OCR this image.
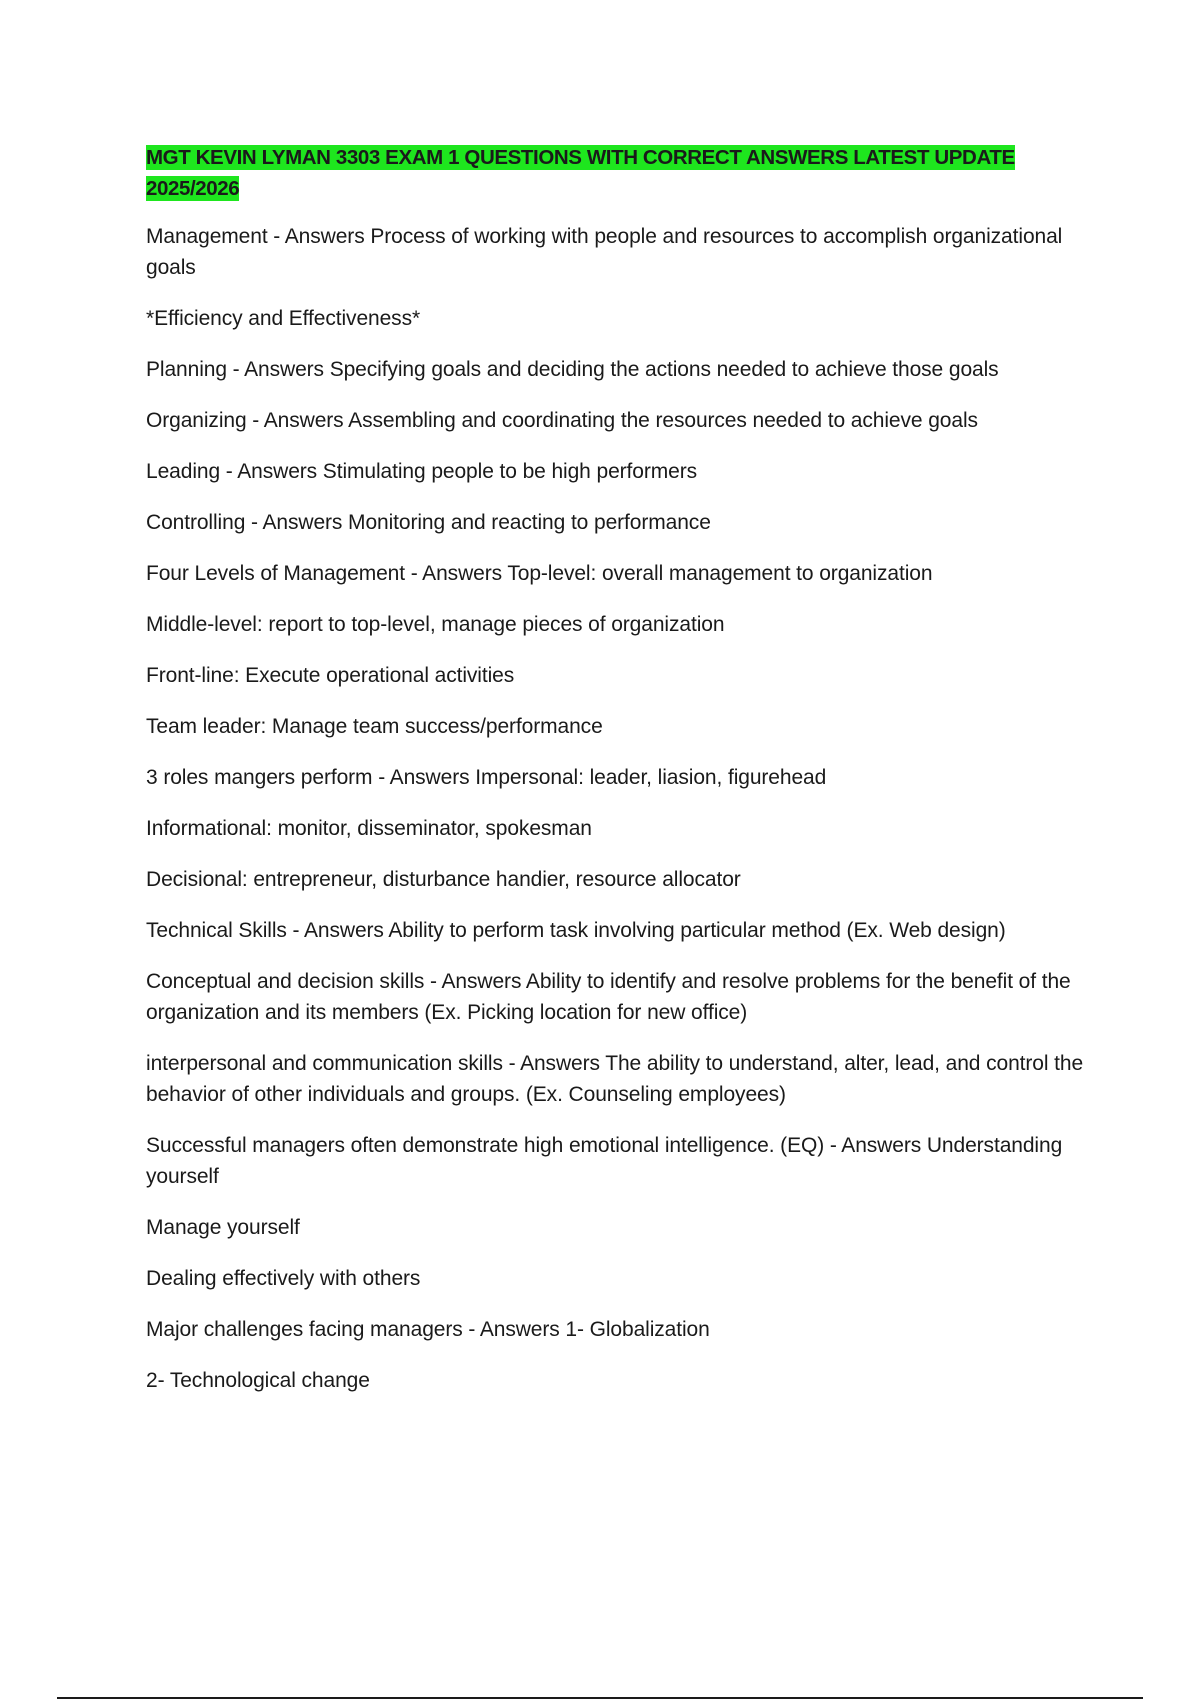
MGT KEVIN LYMAN 3303 EXAM 1 QUESTIONS WITH CORRECT ANSWERS LATEST UPDATE 2025/2026

Management - Answers Process of working with people and resources to accomplish organizational goals

*Efficiency and Effectiveness*

Planning - Answers Specifying goals and deciding the actions needed to achieve those goals

Organizing - Answers Assembling and coordinating the resources needed to achieve goals

Leading - Answers Stimulating people to be high performers

Controlling - Answers Monitoring and reacting to performance

Four Levels of Management - Answers Top-level: overall management to organization

Middle-level: report to top-level, manage pieces of organization

Front-line: Execute operational activities

Team leader: Manage team success/performance

3 roles mangers perform - Answers Impersonal: leader, liasion, figurehead

Informational: monitor, disseminator, spokesman

Decisional: entrepreneur, disturbance handier, resource allocator

Technical Skills - Answers Ability to perform task involving particular method (Ex. Web design)

Conceptual and decision skills - Answers Ability to identify and resolve problems for the benefit of the organization and its members (Ex. Picking location for new office)

interpersonal and communication skills - Answers The ability to understand, alter, lead, and control the behavior of other individuals and groups. (Ex. Counseling employees)

Successful managers often demonstrate high emotional intelligence. (EQ) - Answers Understanding yourself

Manage yourself

Dealing effectively with others

Major challenges facing managers - Answers 1- Globalization

2- Technological change
